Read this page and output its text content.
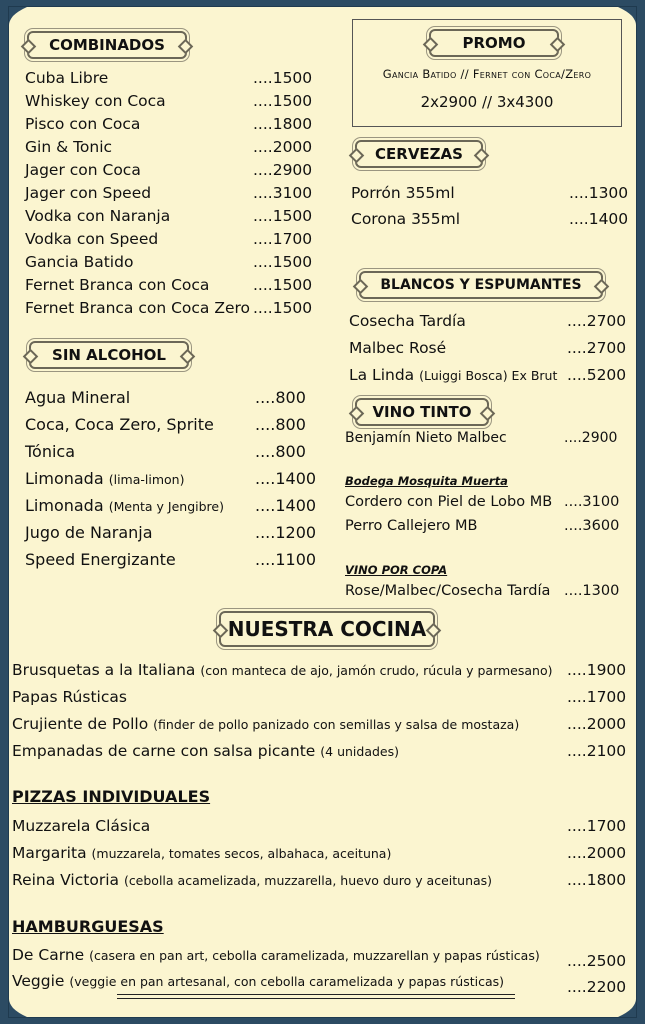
COMBINADOS
Cuba Libre	....1500
Whiskey con Coca	....1500
Pisco con Coca	....1800
Gin & Tonic	....2000
Jager con Coca	....2900
Jager con Speed	....3100
Vodka con Naranja	....1500
Vodka con Speed	....1700
Gancia Batido	....1500
Fernet Branca con Coca	....1500
Fernet Branca con Coca Zero ....1500
SIN ALCOHOL
Agua Mineral	....800
Coca, Coca Zero, Sprite	....800
Tónica	....800
Limonada (lima-limon)	....1400
Limonada (Menta y Jengibre) ....1400
Jugo de Naranja	....1200
Speed Energizante	....1100
PROMO
Gancia Batido // Fernet con Coca/Zero
2x2900 // 3x4300
CERVEZAS
Porrón 355ml	....1300
Corona 355ml	....1400
BLANCOS Y ESPUMANTES
Cosecha Tardía	....2700
Malbec Rosé	....2700
La Linda (Luiggi Bosca) Ex Brut ....5200
VINO TINTO
Benjamín Nieto Malbec	....2900
Bodega Mosquita Muerta
Cordero con Piel de Lobo MB ....3100
Perro Callejero MB	....3600
VINO POR COPA
Rose/Malbec/Cosecha Tardía ....1300
NUESTRA COCINA
Brusquetas a la Italiana (con manteca de ajo, jamón crudo, rúcula y parmesano) ....1900
Papas Rústicas	....1700
Crujiente de Pollo (finder de pollo panizado con semillas y salsa de mostaza)	....2000
Empanadas de carne con salsa picante (4 unidades)	....2100
PIZZAS INDIVIDUALES
Muzzarela Clásica	....1700
Margarita (muzzarela, tomates secos, albahaca, aceituna)	....2000
Reina Victoria (cebolla acamelizada, muzzarella, huevo duro y aceitunas)	....1800
HAMBURGUESAS
De Carne (casera en pan art, cebolla caramelizada, muzzarellan y papas rústicas) ....2500
Veggie (veggie en pan artesanal, con cebolla caramelizada y papas rústicas)	....2200
